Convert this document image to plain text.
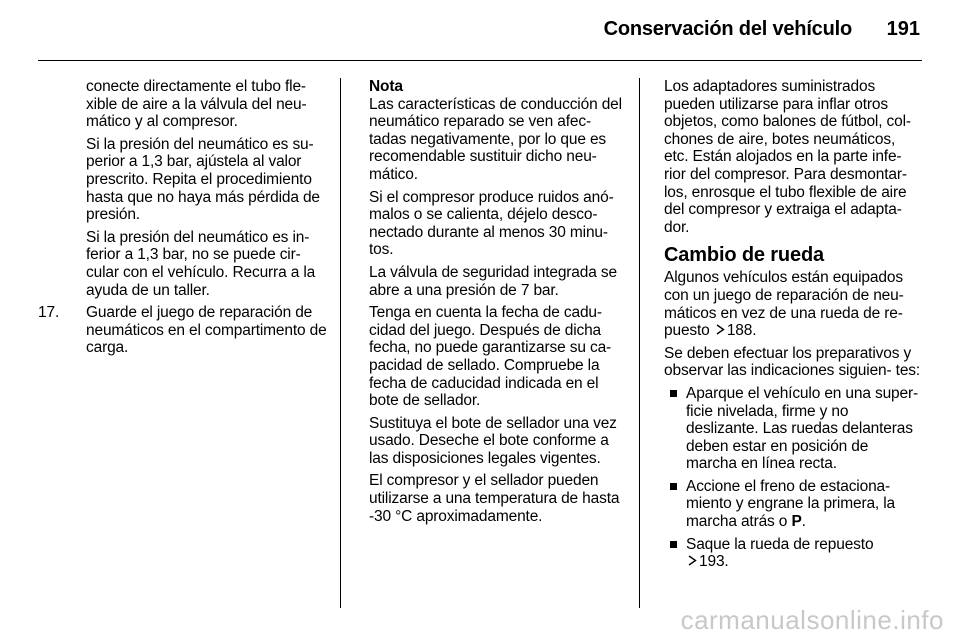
Conservación del vehículo 191

conecte directamente el tubo fle- xible de aire a la válvula del neu- mático y al compresor.

Si la presión del neumático es su- perior a 1,3 bar, ajústela al valor prescrito. Repita el procedimiento hasta que no haya más pérdida de presión.

Si la presión del neumático es in- ferior a 1,3 bar, no se puede cir- cular con el vehículo. Recurra a la ayuda de un taller.

17. Guarde el juego de reparación de neumáticos en el compartimento de carga.
Nota
Las características de conducción del neumático reparado se ven afec- tadas negativamente, por lo que es recomendable sustituir dicho neu- mático.

Si el compresor produce ruidos anó- malos o se calienta, déjelo desco- nectado durante al menos 30 minu- tos.

La válvula de seguridad integrada se abre a una presión de 7 bar.

Tenga en cuenta la fecha de cadu- cidad del juego. Después de dicha fecha, no puede garantizarse su ca- pacidad de sellado. Compruebe la fecha de caducidad indicada en el bote de sellador.

Sustituya el bote de sellador una vez usado. Deseche el bote conforme a las disposiciones legales vigentes.

El compresor y el sellador pueden utilizarse a una temperatura de hasta -30 °C aproximadamente.

Los adaptadores suministrados pueden utilizarse para inflar otros objetos, como balones de fútbol, col- chones de aire, botes neumáticos, etc. Están alojados en la parte infe- rior del compresor. Para desmontar- los, enrosque el tubo flexible de aire del compresor y extraiga el adapta- dor.

Cambio de rueda

Algunos vehículos están equipados con un juego de reparación de neu- máticos en vez de una rueda de re- puesto 188.

Se deben efectuar los preparativos y observar las indicaciones siguien- tes:

Aparque el vehículo en una super- ficie nivelada, firme y no deslizante. Las ruedas delanteras deben estar en posición de marcha en línea recta.
Accione el freno de estaciona- miento y engrane la primera, la marcha atrás o P.
Saque la rueda de repuesto
193.
carmanualsonline.info
